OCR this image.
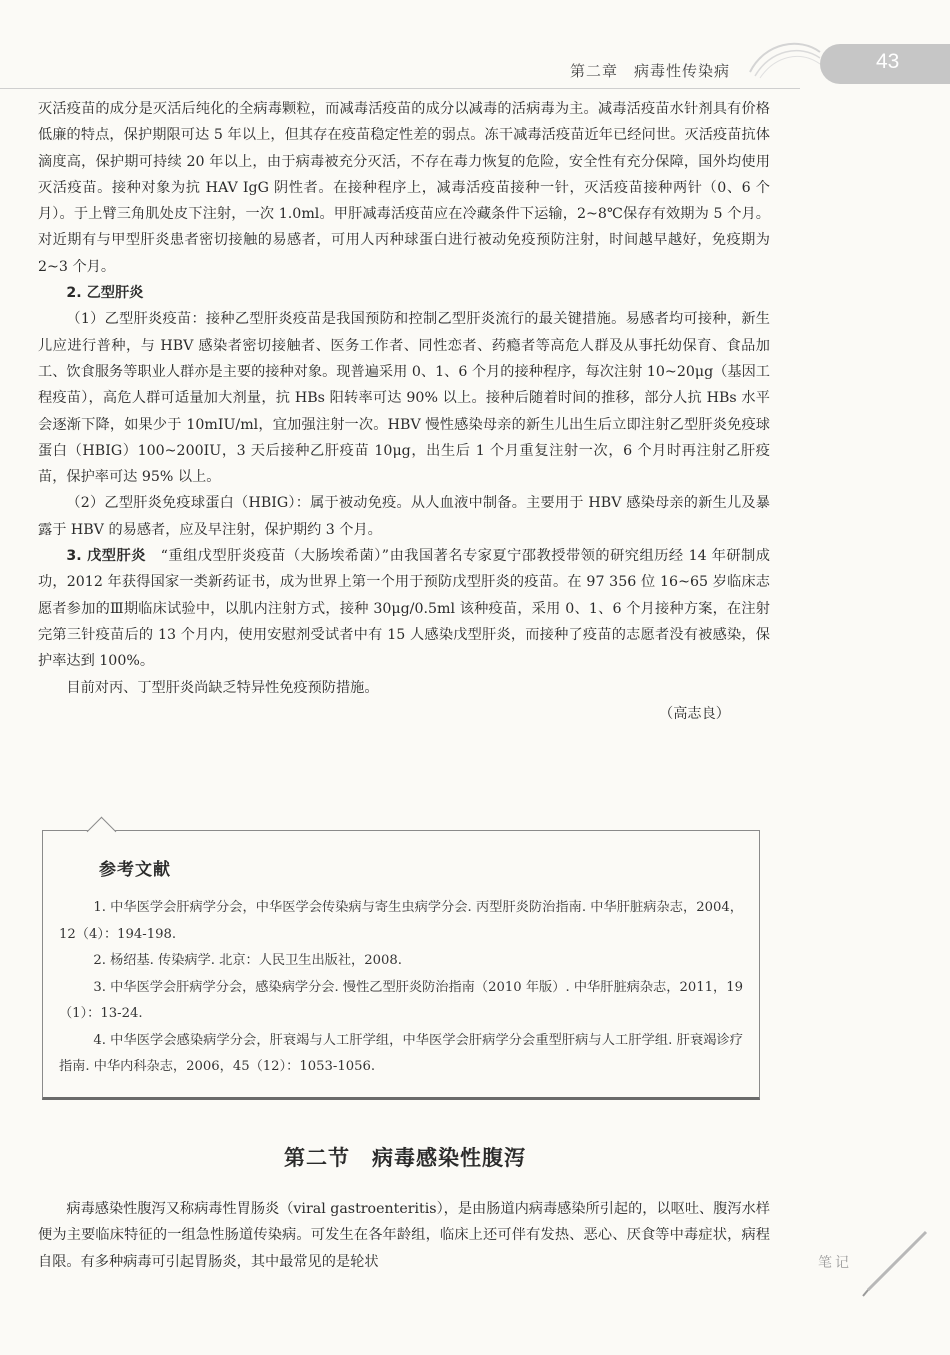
第二章　病毒性传染病	43

灭活疫苗的成分是灭活后纯化的全病毒颗粒，而减毒活疫苗的成分以减毒的活病毒为主。减毒活疫苗水针剂具有价格低廉的特点，保护期限可达 5 年以上，但其存在疫苗稳定性差的弱点。冻干减毒活疫苗近年已经问世。灭活疫苗抗体滴度高，保护期可持续 20 年以上，由于病毒被充分灭活，不存在毒力恢复的危险，安全性有充分保障，国外均使用灭活疫苗。接种对象为抗 HAV IgG 阴性者。在接种程序上，减毒活疫苗接种一针，灭活疫苗接种两针（0、6 个月）。于上臂三角肌处皮下注射，一次 1.0ml。甲肝减毒活疫苗应在冷藏条件下运输，2~8℃保存有效期为 5 个月。对近期有与甲型肝炎患者密切接触的易感者，可用人丙种球蛋白进行被动免疫预防注射，时间越早越好，免疫期为 2~3 个月。

2. 乙型肝炎

（1）乙型肝炎疫苗：接种乙型肝炎疫苗是我国预防和控制乙型肝炎流行的最关键措施。易感者均可接种，新生儿应进行普种，与 HBV 感染者密切接触者、医务工作者、同性恋者、药瘾者等高危人群及从事托幼保育、食品加工、饮食服务等职业人群亦是主要的接种对象。现普遍采用 0、1、6 个月的接种程序，每次注射 10~20μg（基因工程疫苗），高危人群可适量加大剂量，抗 HBs 阳转率可达 90% 以上。接种后随着时间的推移，部分人抗 HBs 水平会逐渐下降，如果少于 10mIU/ml，宜加强注射一次。HBV 慢性感染母亲的新生儿出生后立即注射乙型肝炎免疫球蛋白（HBIG）100~200IU，3 天后接种乙肝疫苗 10μg，出生后 1 个月重复注射一次，6 个月时再注射乙肝疫苗，保护率可达 95% 以上。

（2）乙型肝炎免疫球蛋白（HBIG）：属于被动免疫。从人血液中制备。主要用于 HBV 感染母亲的新生儿及暴露于 HBV 的易感者，应及早注射，保护期约 3 个月。

3. 戊型肝炎　 “重组戊型肝炎疫苗（大肠埃希菌）”由我国著名专家夏宁邵教授带领的研究组历经 14 年研制成功，2012 年获得国家一类新药证书，成为世界上第一个用于预防戊型肝炎的疫苗。在 97 356 位 16~65 岁临床志愿者参加的Ⅲ期临床试验中，以肌内注射方式，接种 30μg/0.5ml 该种疫苗，采用 0、1、6 个月接种方案，在注射完第三针疫苗后的 13 个月内，使用安慰剂受试者中有 15 人感染戊型肝炎，而接种了疫苗的志愿者没有被感染，保护率达到 100%。

目前对丙、丁型肝炎尚缺乏特异性免疫预防措施。

（高志良）

参考文献

1. 中华医学会肝病学分会，中华医学会传染病与寄生虫病学分会. 丙型肝炎防治指南. 中华肝脏病杂志，2004，12（4）：194-198.

2. 杨绍基. 传染病学. 北京：人民卫生出版社，2008.

3. 中华医学会肝病学分会，感染病学分会. 慢性乙型肝炎防治指南（2010 年版）. 中华肝脏病杂志，2011，19（1）：13-24.

4. 中华医学会感染病学分会，肝衰竭与人工肝学组，中华医学会肝病学分会重型肝病与人工肝学组. 肝衰竭诊疗指南. 中华内科杂志，2006，45（12）：1053-1056.

第二节　病毒感染性腹泻

病毒感染性腹泻又称病毒性胃肠炎（viral gastroenteritis），是由肠道内病毒感染所引起的，以呕吐、腹泻水样便为主要临床特征的一组急性肠道传染病。可发生在各年龄组，临床上还可伴有发热、恶心、厌食等中毒症状，病程自限。有多种病毒可引起胃肠炎，其中最常见的是轮状	笔记
